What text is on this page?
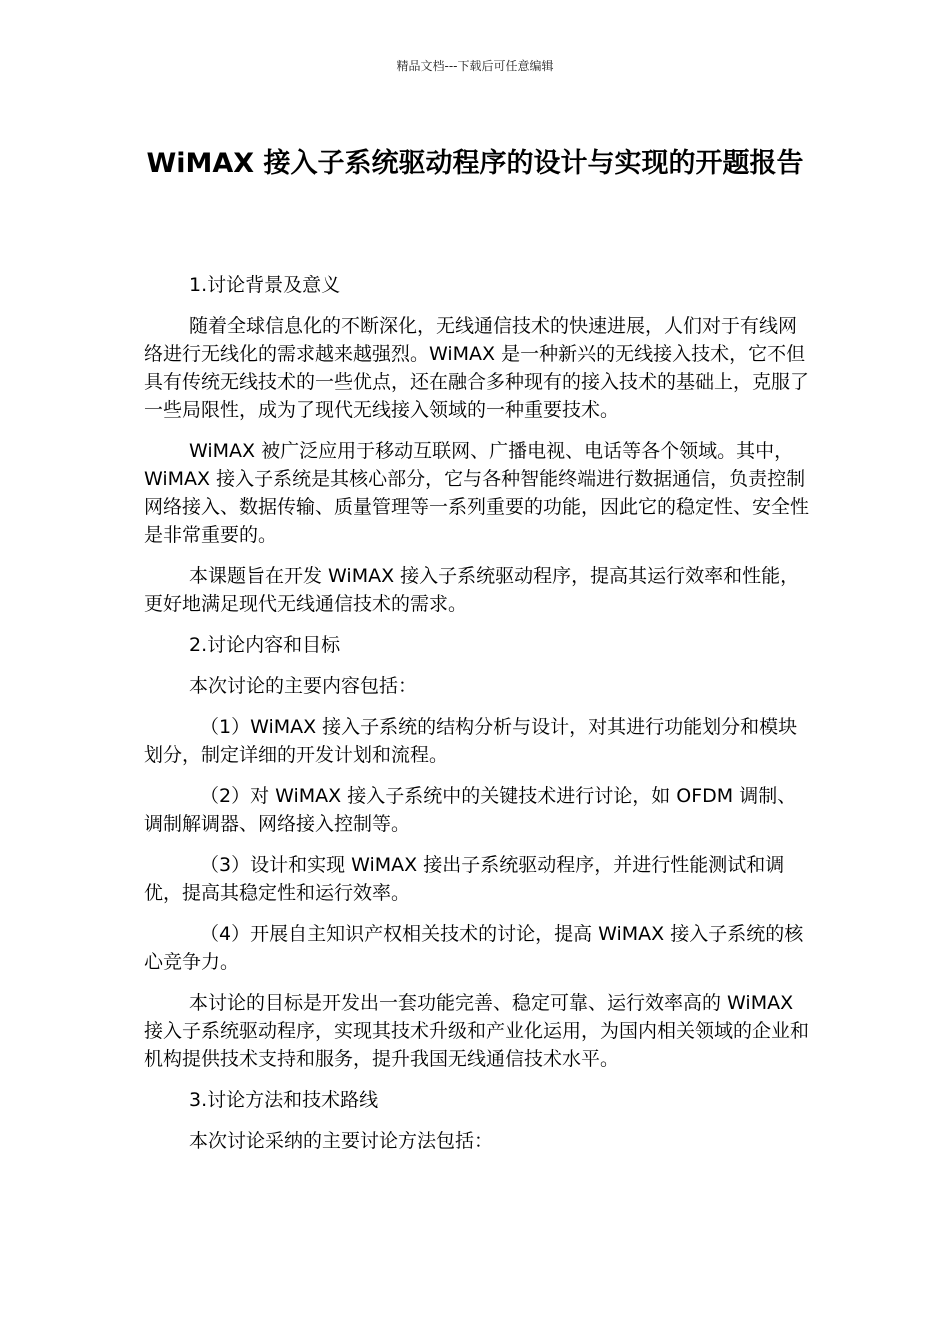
精品文档---下载后可任意编辑
WiMAX 接入子系统驱动程序的设计与实现的开题报告
1.讨论背景及意义
随着全球信息化的不断深化，无线通信技术的快速进展，人们对于有线网络进行无线化的需求越来越强烈。WiMAX 是一种新兴的无线接入技术，它不但具有传统无线技术的一些优点，还在融合多种现有的接入技术的基础上，克服了一些局限性，成为了现代无线接入领域的一种重要技术。
WiMAX 被广泛应用于移动互联网、广播电视、电话等各个领域。其中，WiMAX 接入子系统是其核心部分，它与各种智能终端进行数据通信，负责控制网络接入、数据传输、质量管理等一系列重要的功能，因此它的稳定性、安全性是非常重要的。
本课题旨在开发 WiMAX 接入子系统驱动程序，提高其运行效率和性能，更好地满足现代无线通信技术的需求。
2.讨论内容和目标
本次讨论的主要内容包括：
（1）WiMAX 接入子系统的结构分析与设计，对其进行功能划分和模块划分，制定详细的开发计划和流程。
（2）对 WiMAX 接入子系统中的关键技术进行讨论，如 OFDM 调制、调制解调器、网络接入控制等。
（3）设计和实现 WiMAX 接出子系统驱动程序，并进行性能测试和调优，提高其稳定性和运行效率。
（4）开展自主知识产权相关技术的讨论，提高 WiMAX 接入子系统的核心竞争力。
本讨论的目标是开发出一套功能完善、稳定可靠、运行效率高的 WiMAX 接入子系统驱动程序，实现其技术升级和产业化运用，为国内相关领域的企业和机构提供技术支持和服务，提升我国无线通信技术水平。
3.讨论方法和技术路线
本次讨论采纳的主要讨论方法包括：
